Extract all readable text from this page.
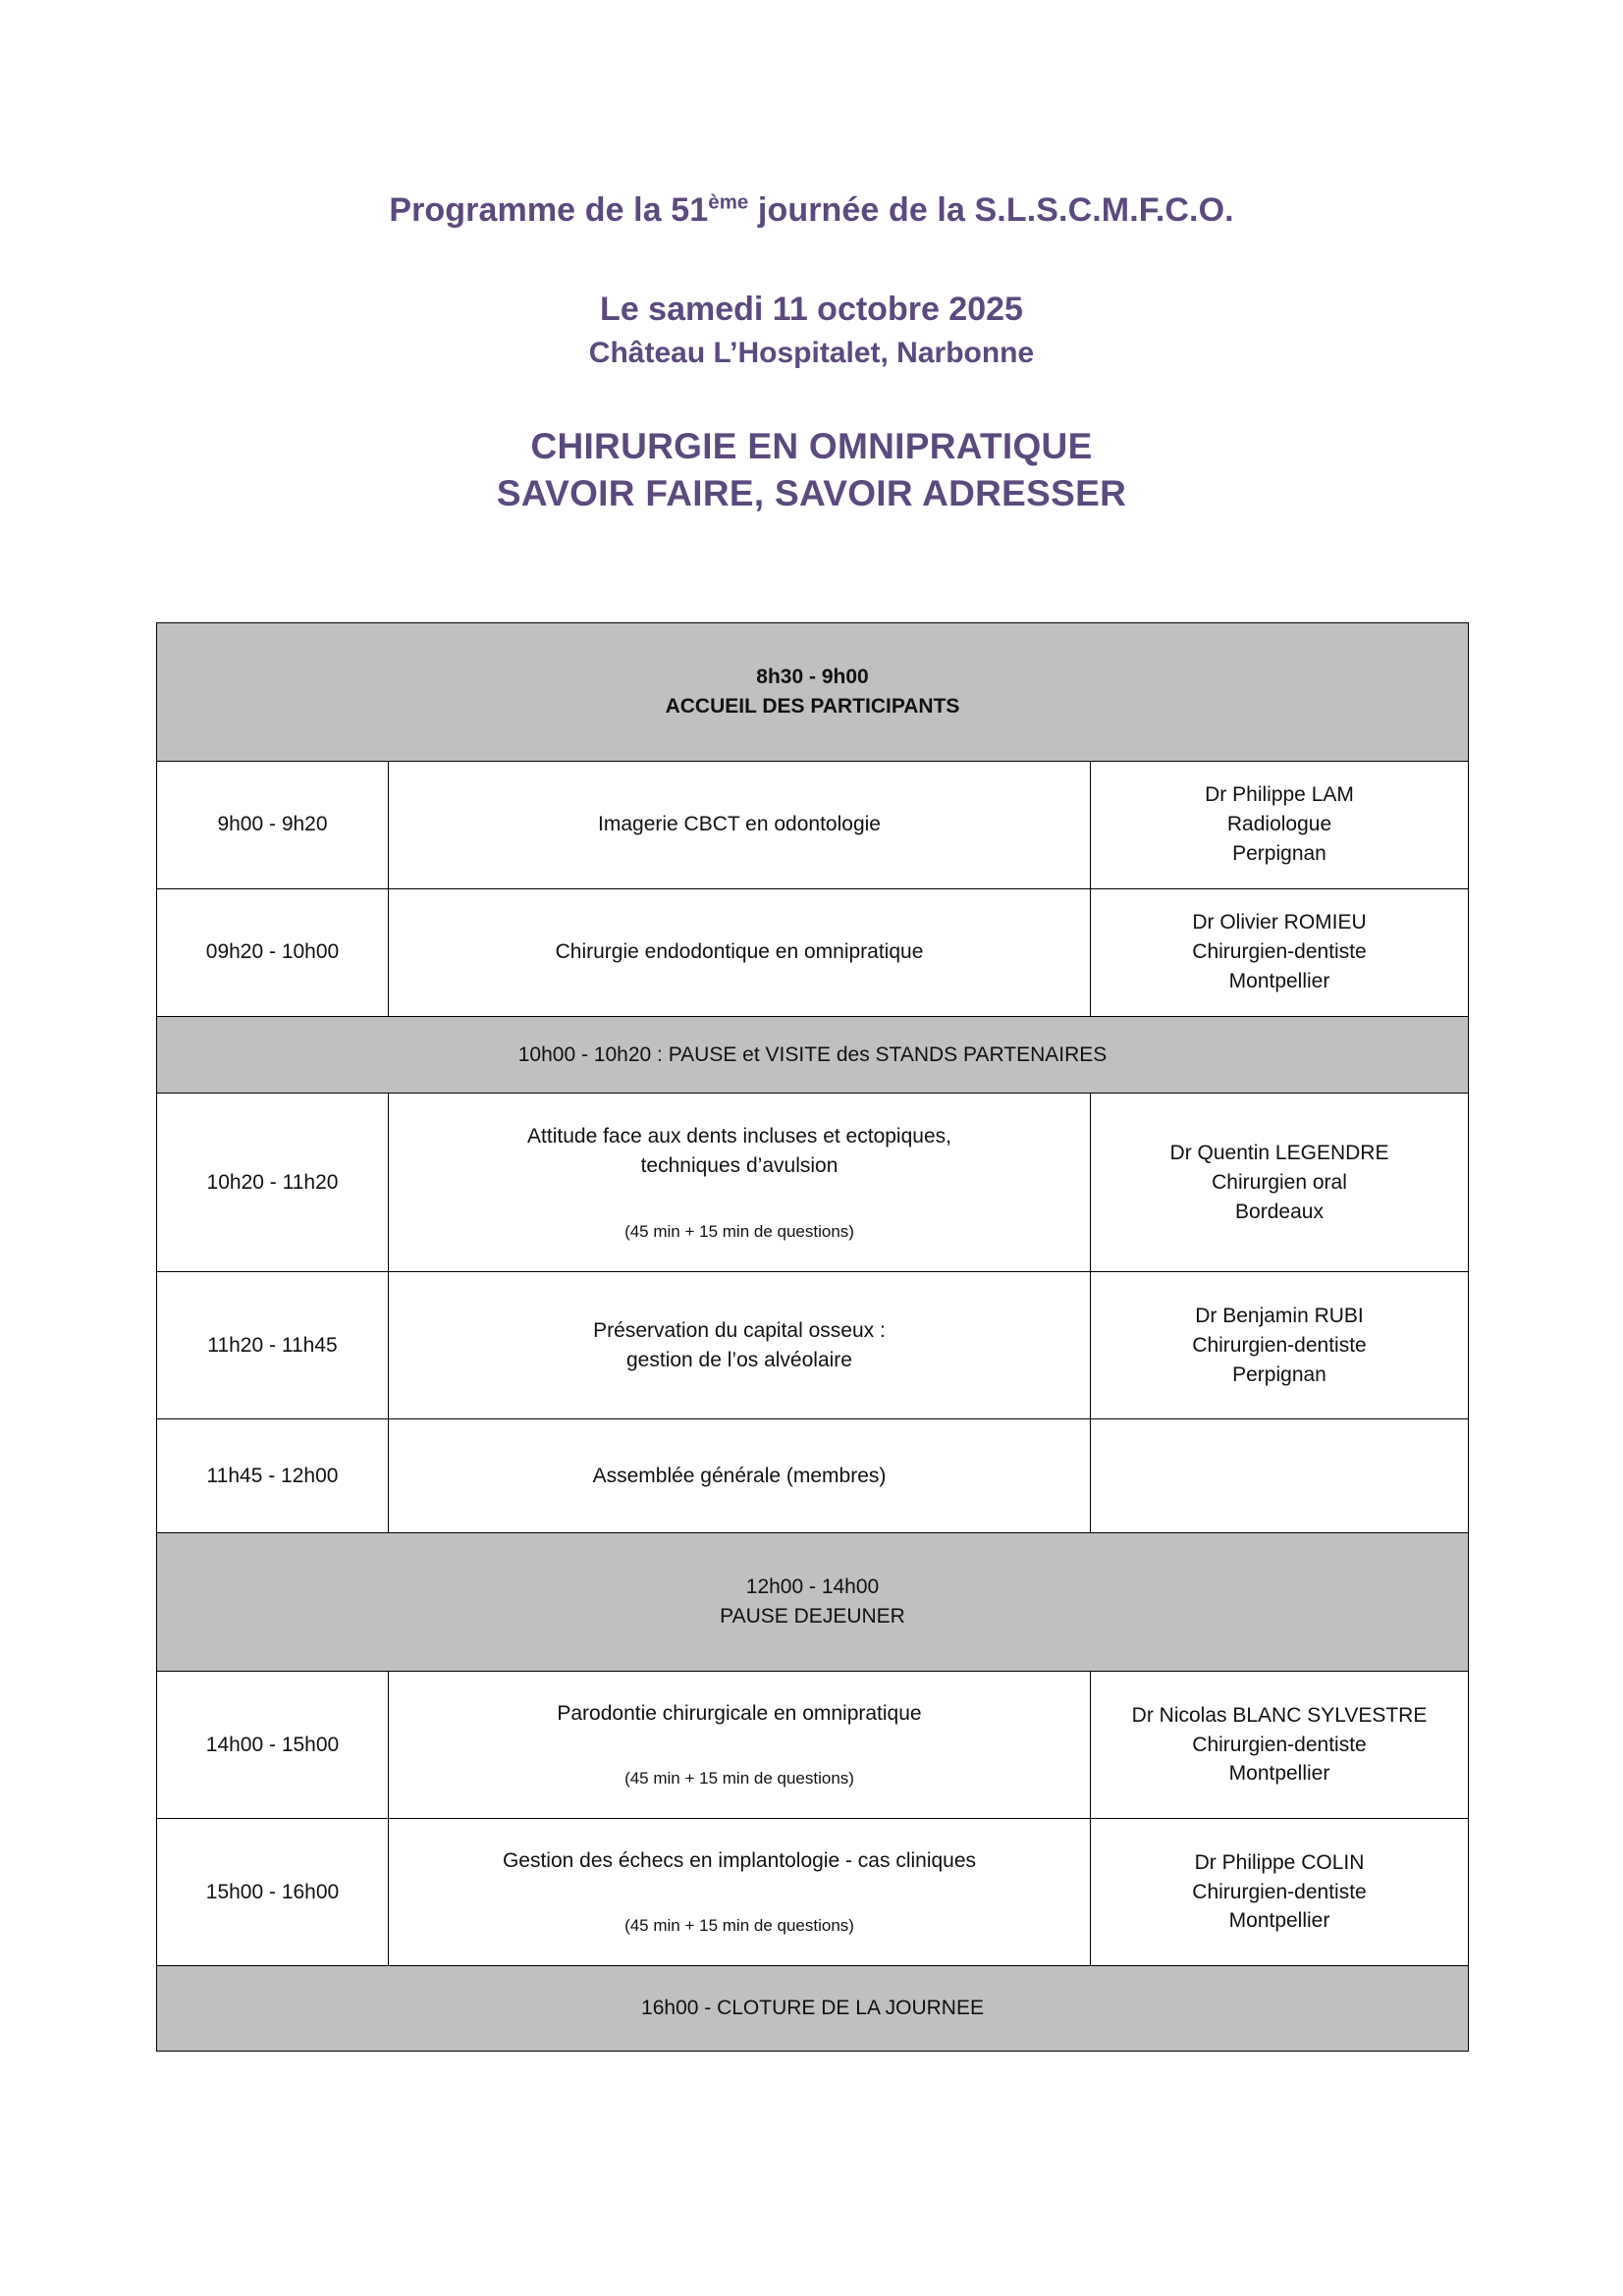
Programme de la 51ème journée de la S.L.S.C.M.F.C.O.
Le samedi 11 octobre 2025
Château L’Hospitalet, Narbonne
CHIRURGIE EN OMNIPRATIQUE
SAVOIR FAIRE, SAVOIR ADRESSER
8h30 - 9h00
ACCUEIL DES PARTICIPANTS		

9h00 - 9h20	Imagerie CBCT en odontologie	Dr Philippe LAM
Radiologue
Perpignan

09h20 - 10h00	Chirurgie endodontique en omnipratique	Dr Olivier ROMIEU
Chirurgien-dentiste
Montpellier

10h00 - 10h20 : PAUSE et VISITE des STANDS PARTENAIRES		

10h20 - 11h20	Attitude face aux dents incluses et ectopiques,
techniques d’avulsion
(45 min + 15 min de questions)	Dr Quentin LEGENDRE
Chirurgien oral
Bordeaux

11h20 - 11h45	Préservation du capital osseux :
gestion de l’os alvéolaire	Dr Benjamin RUBI
Chirurgien-dentiste
Perpignan

11h45 - 12h00	Assemblée générale (membres)	

12h00 - 14h00
PAUSE DEJEUNER		

14h00 - 15h00	Parodontie chirurgicale en omnipratique
(45 min + 15 min de questions)	Dr Nicolas BLANC SYLVESTRE
Chirurgien-dentiste
Montpellier

15h00 - 16h00	Gestion des échecs en implantologie - cas cliniques
(45 min + 15 min de questions)	Dr Philippe COLIN
Chirurgien-dentiste
Montpellier

16h00 - CLOTURE DE LA JOURNEE		
